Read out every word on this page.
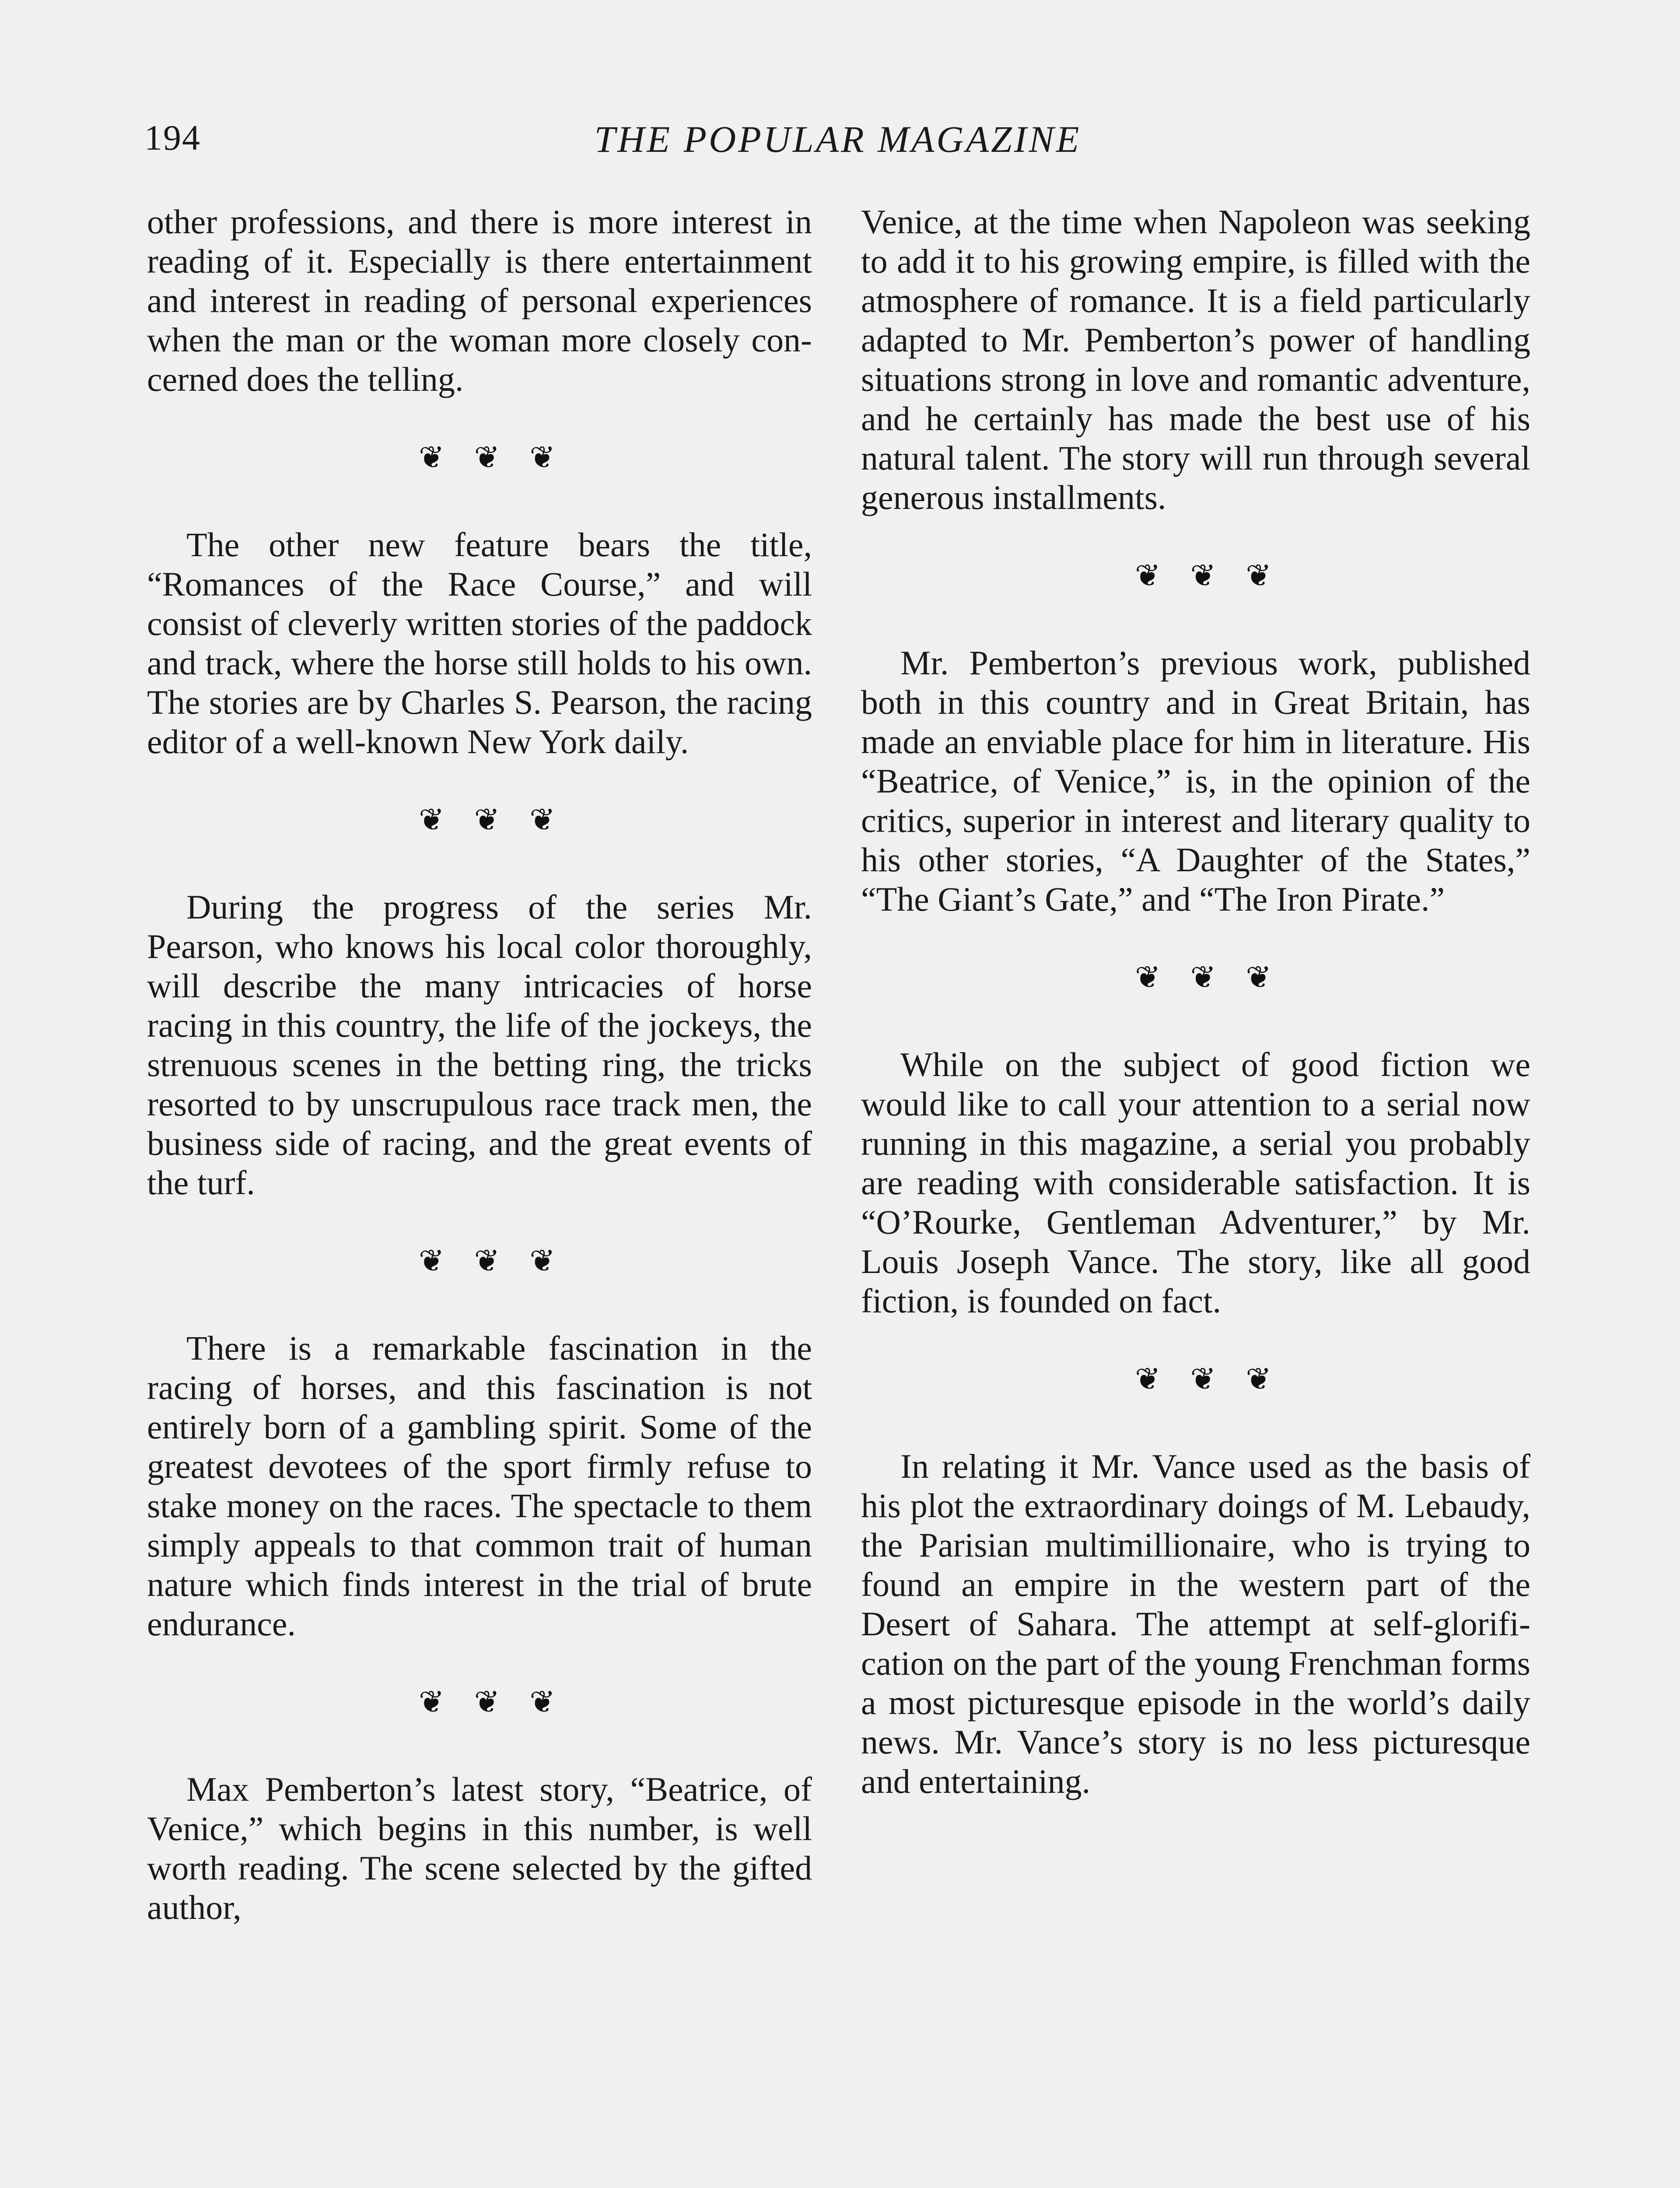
194	THE POPULAR MAGAZINE

other professions, and there is more interest in reading of it. Especially is there entertainment and interest in reading of personal experiences when the man or the woman more closely concerned does the telling.

❦ ❦ ❦

The other new feature bears the title, “Romances of the Race Course,” and will consist of cleverly written stories of the paddock and track, where the horse still holds to his own. The stories are by Charles S. Pearson, the racing editor of a well-known New York daily.

❦ ❦ ❦

During the progress of the series Mr. Pearson, who knows his local color thoroughly, will describe the many intricacies of horse racing in this country, the life of the jockeys, the strenuous scenes in the betting ring, the tricks resorted to by unscrupulous race track men, the business side of racing, and the great events of the turf.

❦ ❦ ❦

There is a remarkable fascination in the racing of horses, and this fascination is not entirely born of a gambling spirit. Some of the greatest devotees of the sport firmly refuse to stake money on the races. The spectacle to them simply appeals to that common trait of human nature which finds interest in the trial of brute endurance.

❦ ❦ ❦

Max Pemberton’s latest story, “Beatrice, of Venice,” which begins in this number, is well worth reading. The scene selected by the gifted author,

Venice, at the time when Napoleon was seeking to add it to his growing empire, is filled with the atmosphere of romance. It is a field particularly adapted to Mr. Pemberton’s power of handling situations strong in love and romantic adventure, and he certainly has made the best use of his natural talent. The story will run through several generous installments.

❦ ❦ ❦

Mr. Pemberton’s previous work, published both in this country and in Great Britain, has made an enviable place for him in literature. His “Beatrice, of Venice,” is, in the opinion of the critics, superior in interest and literary quality to his other stories, “A Daughter of the States,” “The Giant’s Gate,” and “The Iron Pirate.”

❦ ❦ ❦

While on the subject of good fiction we would like to call your attention to a serial now running in this magazine, a serial you probably are reading with considerable satisfaction. It is “O’Rourke, Gentleman Adventurer,” by Mr. Louis Joseph Vance. The story, like all good fiction, is founded on fact.

❦ ❦ ❦

In relating it Mr. Vance used as the basis of his plot the extraordinary doings of M. Lebaudy, the Parisian multimillionaire, who is trying to found an empire in the western part of the Desert of Sahara. The attempt at self-glorification on the part of the young Frenchman forms a most picturesque episode in the world’s daily news. Mr. Vance’s story is no less picturesque and entertaining.
